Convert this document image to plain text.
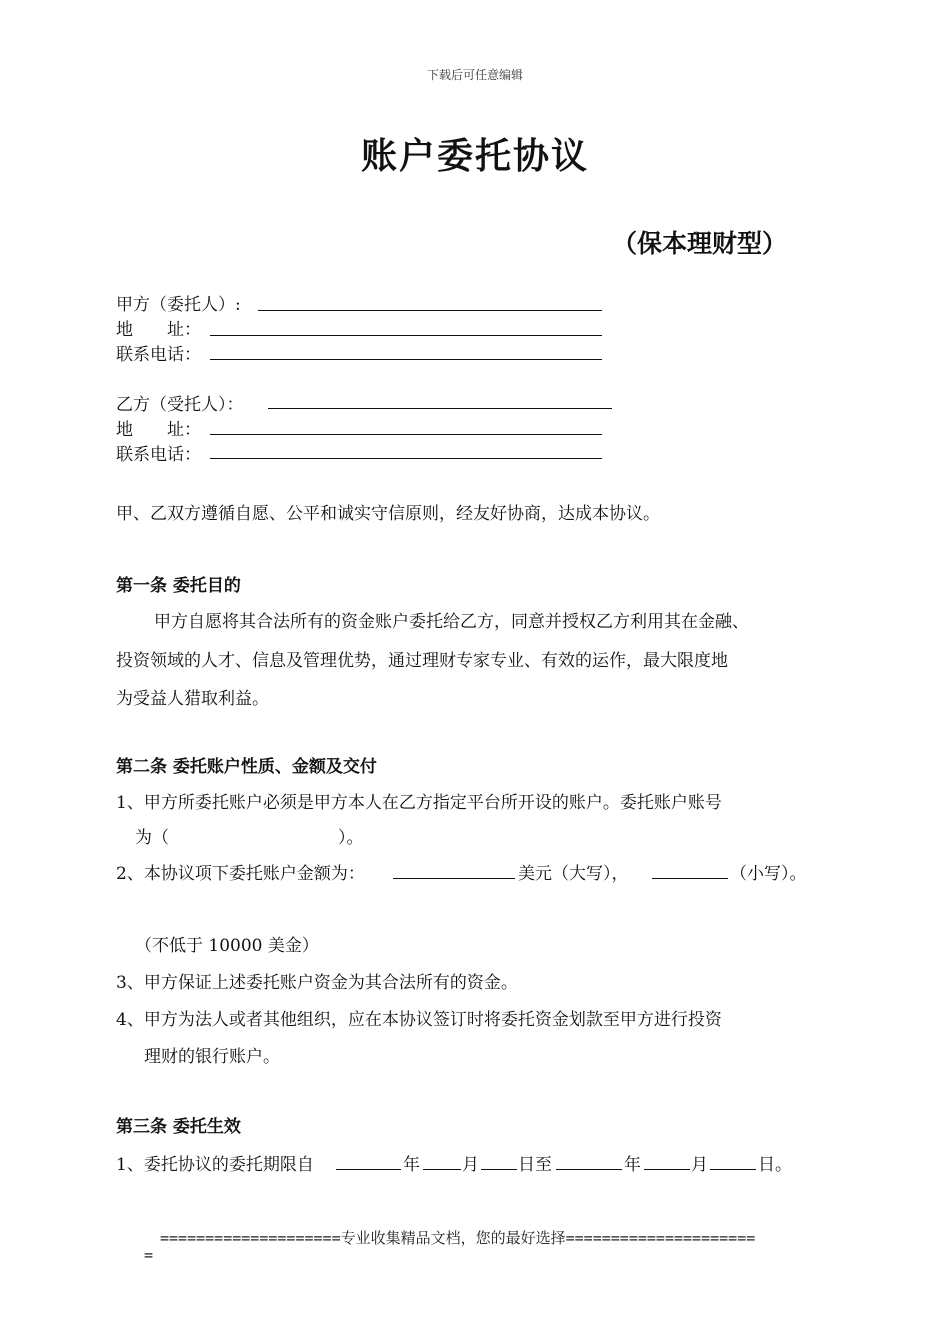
下载后可任意编辑
账户委托协议
（保本理财型）
甲方（委托人）:
地　　址：
联系电话：
乙方（受托人）：
地　　址：
联系电话：
甲、乙双方遵循自愿、公平和诚实守信原则，经友好协商，达成本协议。
第一条 委托目的
甲方自愿将其合法所有的资金账户委托给乙方，同意并授权乙方利用其在金融、
投资领域的人才、信息及管理优势，通过理财专家专业、有效的运作，最大限度地
为受益人猎取利益。
第二条 委托账户性质、金额及交付
1、甲方所委托账户必须是甲方本人在乙方指定平台所开设的账户。委托账户账号
为（	）。
2、本协议项下委托账户金额为：	美元（大写），	（小写）。
（不低于 10000 美金）
3、甲方保证上述委托账户资金为其合法所有的资金。
4、甲方为法人或者其他组织，应在本协议签订时将委托资金划款至甲方进行投资
理财的银行账户。
第三条 委托生效
1、委托协议的委托期限自	年 月 日至	年	月	日。
====================专业收集精品文档，您的最好选择=====================
=
